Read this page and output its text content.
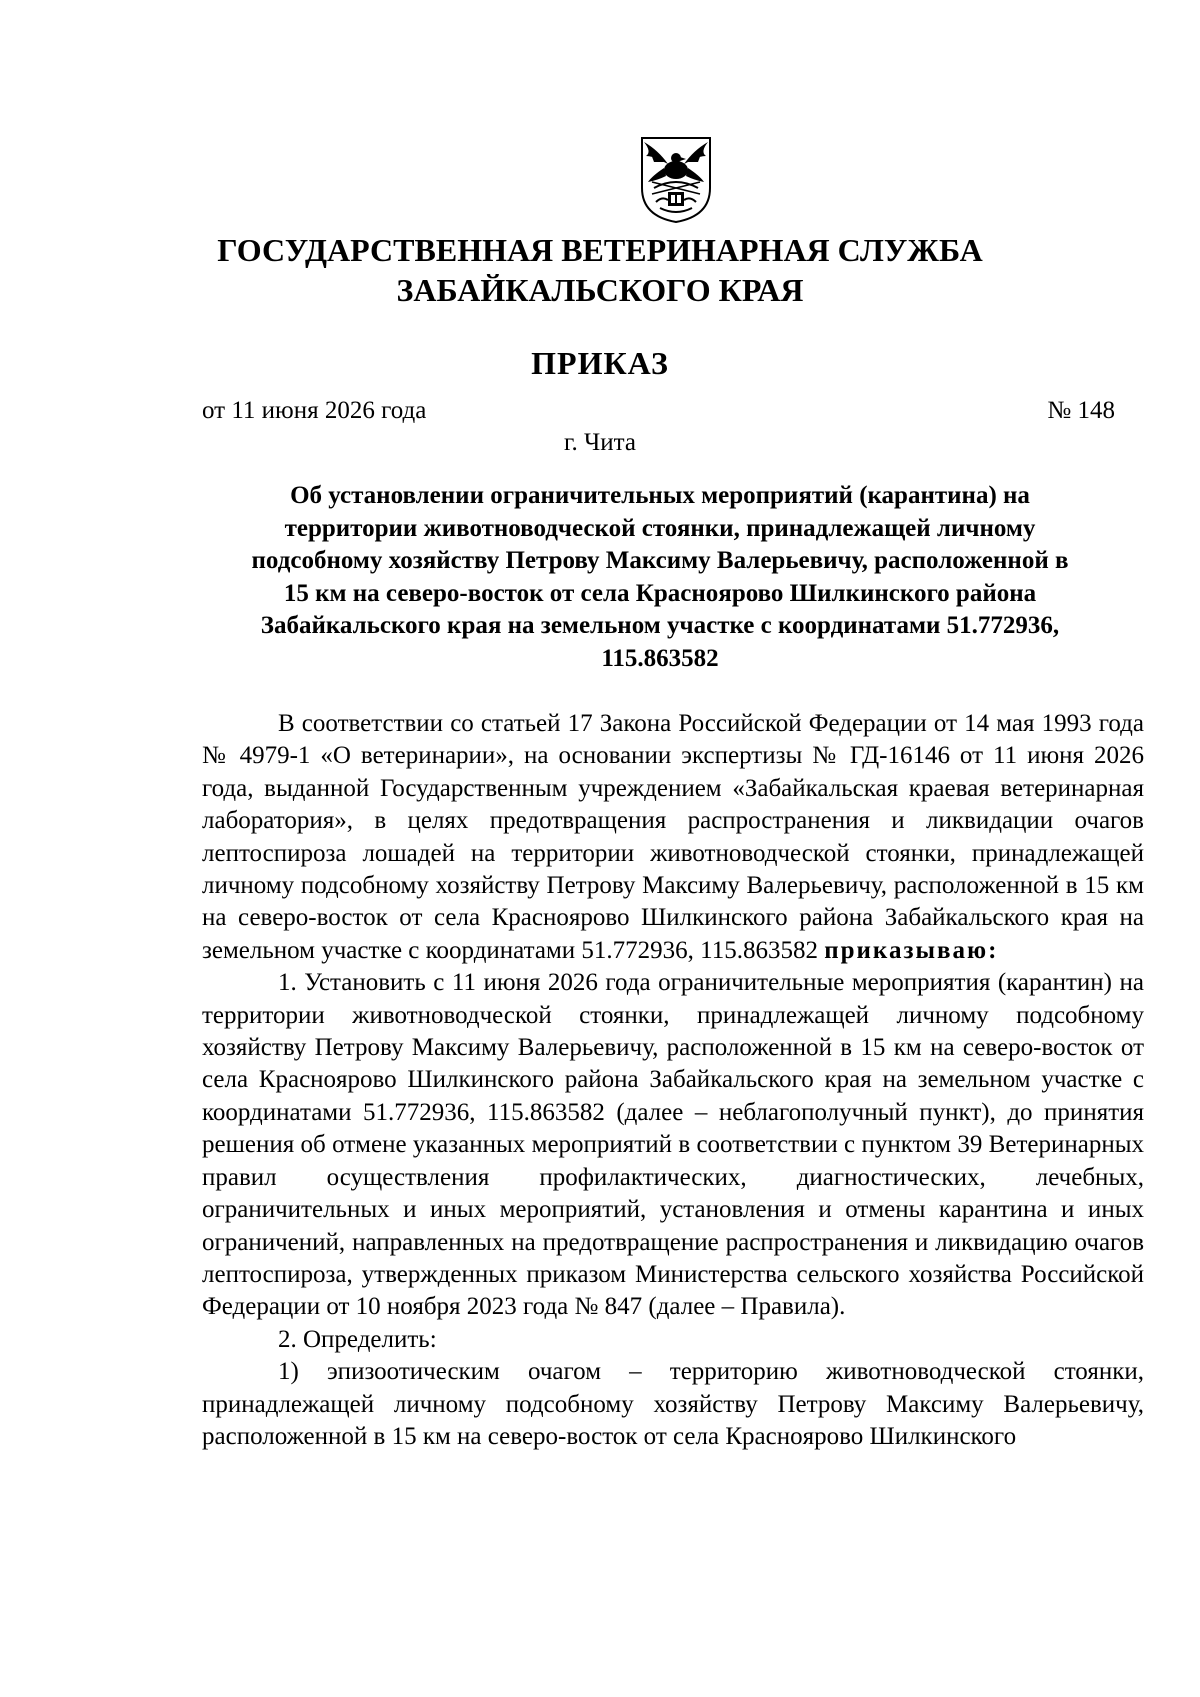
ГОСУДАРСТВЕННАЯ ВЕТЕРИНАРНАЯ СЛУЖБА
ЗАБАЙКАЛЬСКОГО КРАЯ
ПРИКАЗ
от 11 июня 2026 года	№ 148
г. Чита
Об установлении ограничительных мероприятий (карантина) на
территории животноводческой стоянки, принадлежащей личному
подсобному хозяйству Петрову Максиму Валерьевичу, расположенной в
15 км на северо-восток от села Краснoярово Шилкинского района
Забайкальского края на земельном участке с координатами 51.772936,
115.863582

В соответствии со статьей 17 Закона Российской Федерации от 14 мая 1993 года № 4979-1 «О ветеринарии», на основании экспертизы № ГД-16146 от 11 июня 2026 года, выданной Государственным учреждением «Забайкальская краевая ветеринарная лаборатория», в целях предотвращения распространения и ликвидации очагов лептоспироза лошадей на территории животноводческой стоянки, принадлежащей личному подсобному хозяйству Петрову Максиму Валерьевичу, расположенной в 15 км на северо-восток от села Краснoярово Шилкинского района Забайкальского края на земельном участке с координатами 51.772936, 115.863582 приказываю:

1. Установить с 11 июня 2026 года ограничительные мероприятия (карантин) на территории животноводческой стоянки, принадлежащей личному подсобному хозяйству Петрову Максиму Валерьевичу, расположенной в 15 км на северо-восток от села Краснoярово Шилкинского района Забайкальского края на земельном участке с координатами 51.772936, 115.863582 (далее – неблагополучный пункт), до принятия решения об отмене указанных мероприятий в соответствии с пунктом 39 Ветеринарных правил осуществления профилактических, диагностических, лечебных, ограничительных и иных мероприятий, установления и отмены карантина и иных ограничений, направленных на предотвращение распространения и ликвидацию очагов лептоспироза, утвержденных приказом Министерства сельского хозяйства Российской Федерации от 10 ноября 2023 года № 847 (далее – Правила).

2. Определить:

1) эпизоотическим очагом – территорию животноводческой стоянки, принадлежащей личному подсобному хозяйству Петрову Максиму Валерьевичу, расположенной в 15 км на северо-восток от села Краснoярово Шилкинского
